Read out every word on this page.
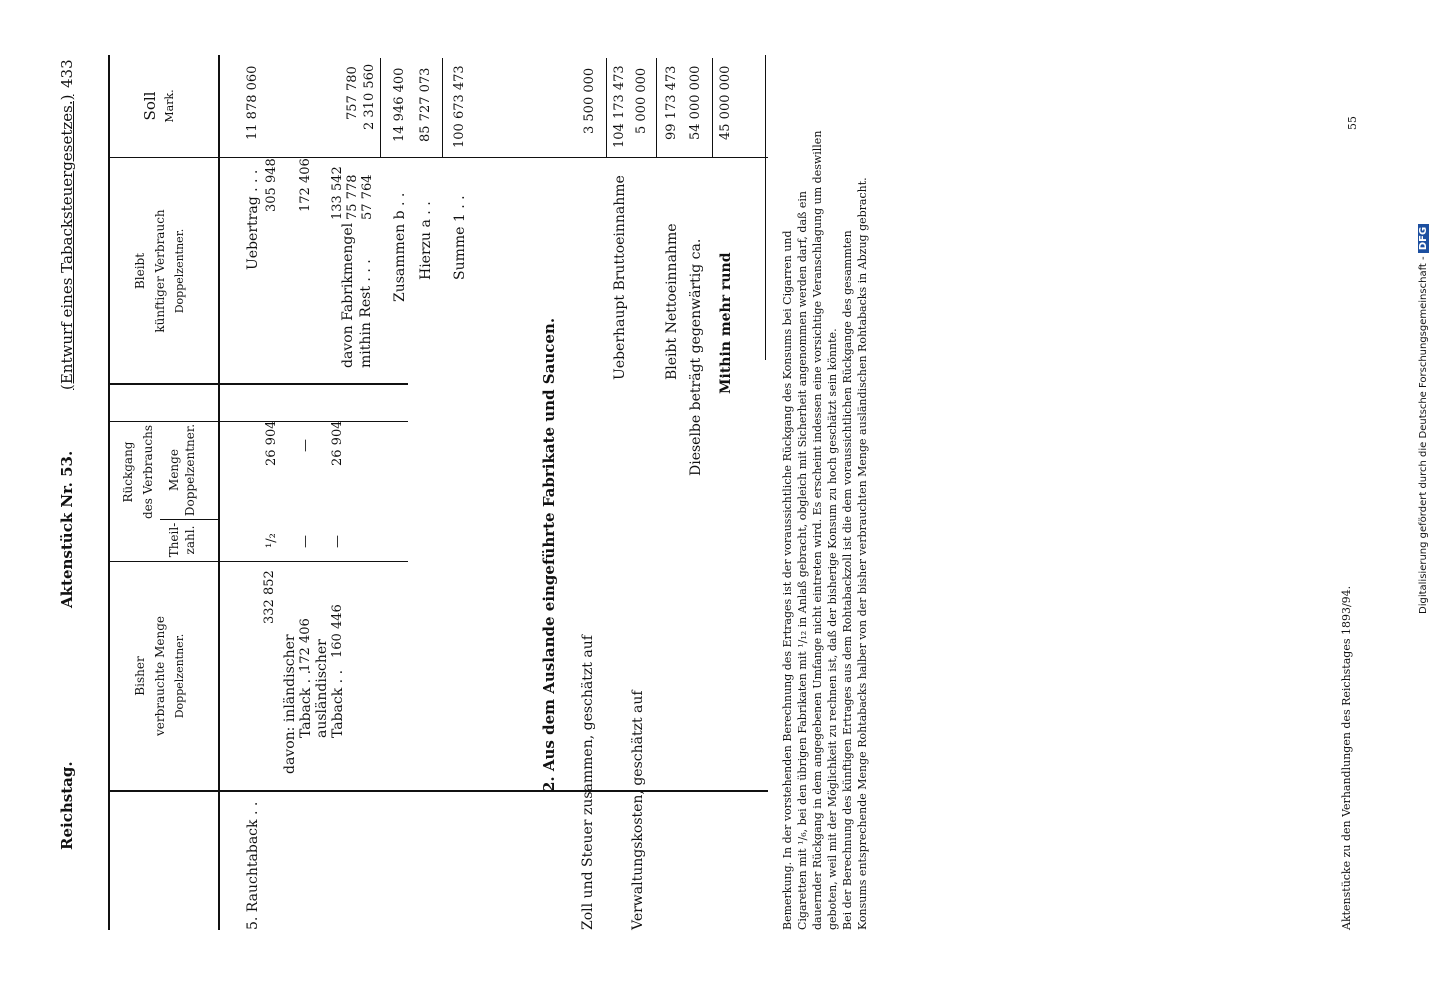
Reichstag.
Aktenstück Nr. 53.
(Entwurf eines Tabacksteuergesetzes.)
433
Bisher verbrauchte Menge Doppelzentner.
Rückgang des Verbrauchs
Theil- zahl.
Menge Doppelzentner.
Bleibt künftiger Verbrauch Doppelzentner.
Soll Mark.
5. Rauchtaback . .
332 852
davon: inländischer Taback . .
172 406 ausländischer Taback . .
160 446
¹/₂ — —
26 904 — 26 904
Uebertrag . . . 305 948 172 406
davon Fabrikmengel
133 542 75 778
mithin Rest . . .
57 764
11 878 060	757 780 2 310 560
Zusammen b . .
14 946 400
Hierzu a . .
85 727 073
Summe 1 . .
100 673 473
2. Aus dem Auslande eingeführte Fabrikate und Saucen. Zoll und Steuer zusammen, geschätzt auf
3 500 000
Ueberhaupt Bruttoeinnahme
104 173 473
Verwaltungskosten, geschätzt auf
5 000 000
Bleibt Nettoeinnahme
99 173 473
Dieselbe beträgt gegenwärtig ca.
54 000 000
Mithin mehr rund
45 000 000
Bemerkung. In der vorstehenden Berechnung des Ertrages ist der voraussichtliche Rückgang des Konsums bei Cigarren und Cigaretten mit ¹/₆, bei den übrigen Fabrikaten mit ¹/₁₂ in Anlaß gebracht, obgleich mit Sicherheit angenommen werden darf, daß ein dauernder Rückgang in dem angegebenen Umfange nicht eintreten wird. Es erscheint indessen eine vorsichtige Veranschlagung um deswillen geboten, weil mit der Möglichkeit zu rechnen ist, daß der bisherige Konsum zu hoch geschätzt sein könnte. Bei der Berechnung des künftigen Ertrages aus dem Rohtabackzoll ist die dem voraussichtlichen Rückgange des gesammten Konsums entsprechende Menge Rohtabacks halber von der bisher verbrauchten Menge ausländischen Rohtabacks in Abzug gebracht.	Aktenstücke zu den Verhandlungen des Reichstages 1893/94.
55
Digitalisierung gefördert durch die Deutsche Forschungsgemeinschaft - DFG
